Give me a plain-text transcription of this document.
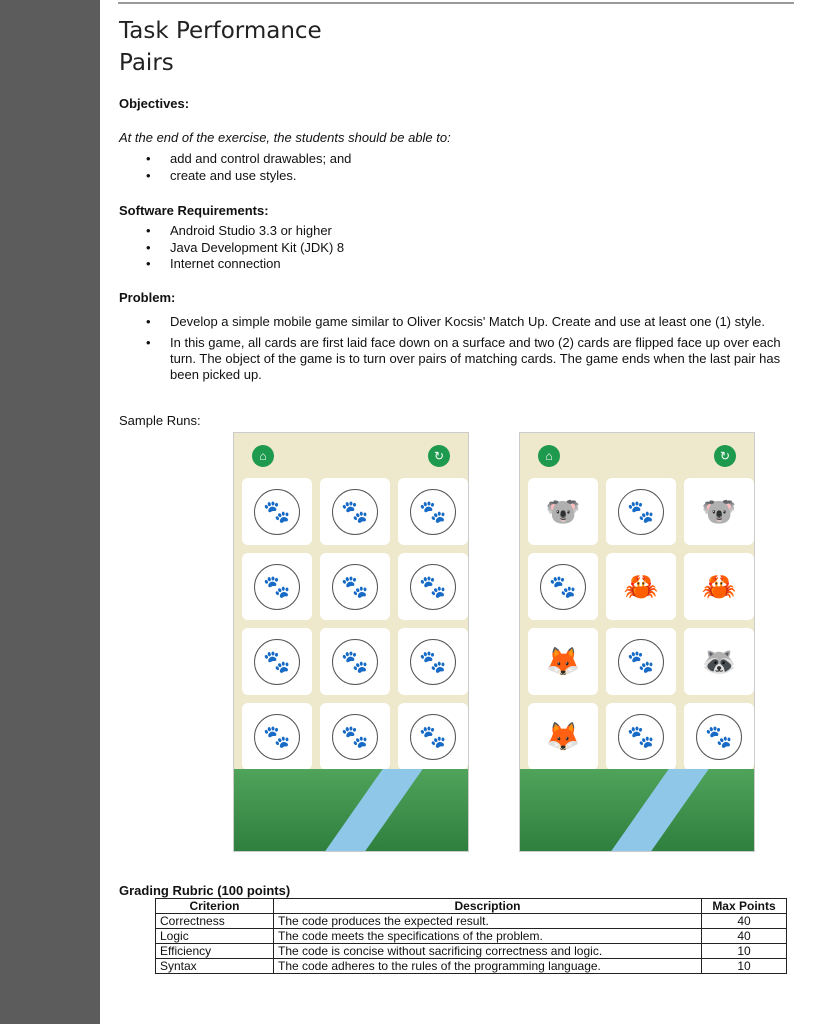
Task Performance
Pairs
Objectives:
At the end of the exercise, the students should be able to:
• add and control drawables; and
• create and use styles.
Software Requirements:
• Android Studio 3.3 or higher
• Java Development Kit (JDK) 8
• Internet connection
Problem:
• Develop a simple mobile game similar to Oliver Kocsis' Match Up. Create and use at least one (1) style.
• In this game, all cards are first laid face down on a surface and two (2) cards are flipped face up over each turn. The object of the game is to turn over pairs of matching cards. The game ends when the last pair has been picked up.
Sample Runs:
⌂	↻
🐾	🐾	🐾
🐾	🐾	🐾
🐾	🐾	🐾
🐾	🐾	🐾
⌂	↻
🐨	🐾	🐨
🐾	🦀 🦀
🦊	🐾	🦝
🦊	🐾	🐾
Grading Rubric (100 points)
Criterion	Description	Max Points
Correctness	The code produces the expected result.	40
Logic	The code meets the specifications of the problem.	40
Efficiency	The code is concise without sacrificing correctness and logic.	10
Syntax	The code adheres to the rules of the programming language.	10
